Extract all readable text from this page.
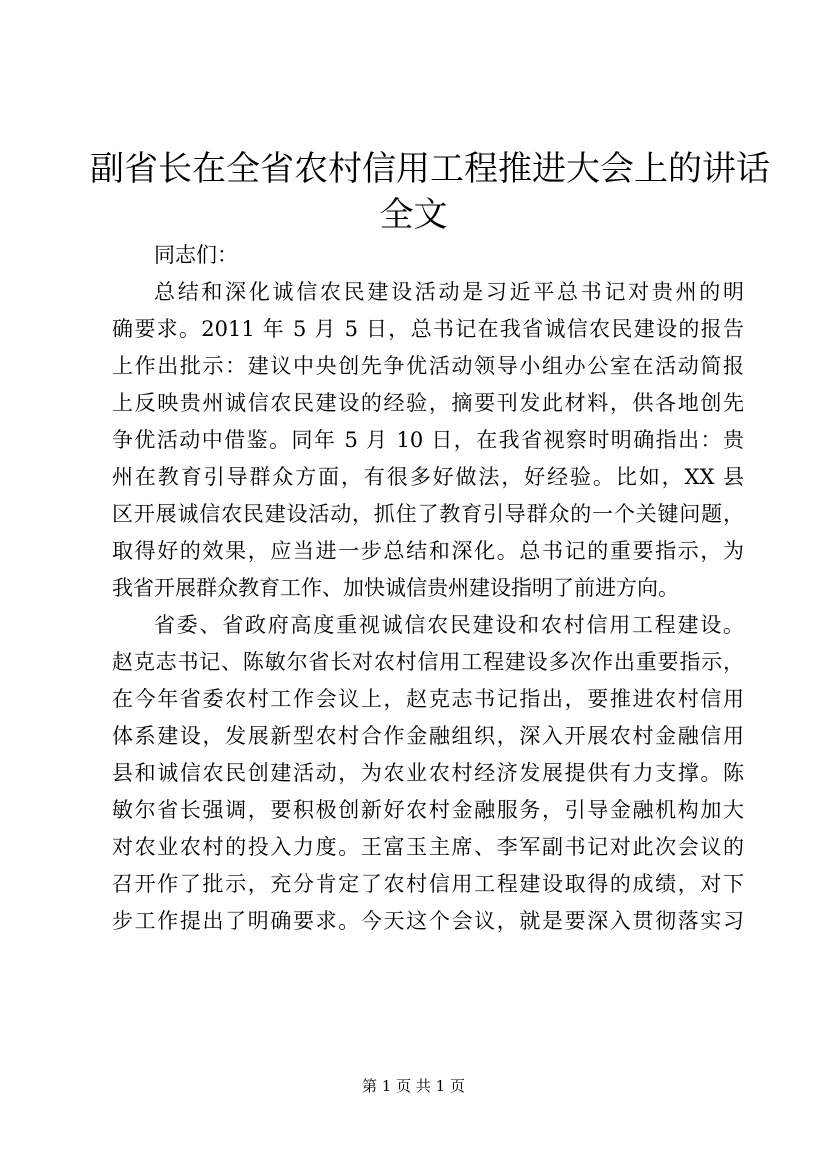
副省长在全省农村信用工程推进大会上的讲话
全文
同志们：
总结和深化诚信农民建设活动是习近平总书记对贵州的明
确要求。2011 年 5 月 5 日，总书记在我省诚信农民建设的报告
上作出批示：建议中央创先争优活动领导小组办公室在活动简报
上反映贵州诚信农民建设的经验，摘要刊发此材料，供各地创先
争优活动中借鉴。同年 5 月 10 日，在我省视察时明确指出：贵
州在教育引导群众方面，有很多好做法，好经验。比如，XX 县
区开展诚信农民建设活动，抓住了教育引导群众的一个关键问题，
取得好的效果，应当进一步总结和深化。总书记的重要指示，为
我省开展群众教育工作、加快诚信贵州建设指明了前进方向。
省委、省政府高度重视诚信农民建设和农村信用工程建设。
赵克志书记、陈敏尔省长对农村信用工程建设多次作出重要指示，
在今年省委农村工作会议上，赵克志书记指出，要推进农村信用
体系建设，发展新型农村合作金融组织，深入开展农村金融信用
县和诚信农民创建活动，为农业农村经济发展提供有力支撑。陈
敏尔省长强调，要积极创新好农村金融服务，引导金融机构加大
对农业农村的投入力度。王富玉主席、李军副书记对此次会议的
召开作了批示，充分肯定了农村信用工程建设取得的成绩，对下
步工作提出了明确要求。今天这个会议，就是要深入贯彻落实习
第 1 页 共 1 页
